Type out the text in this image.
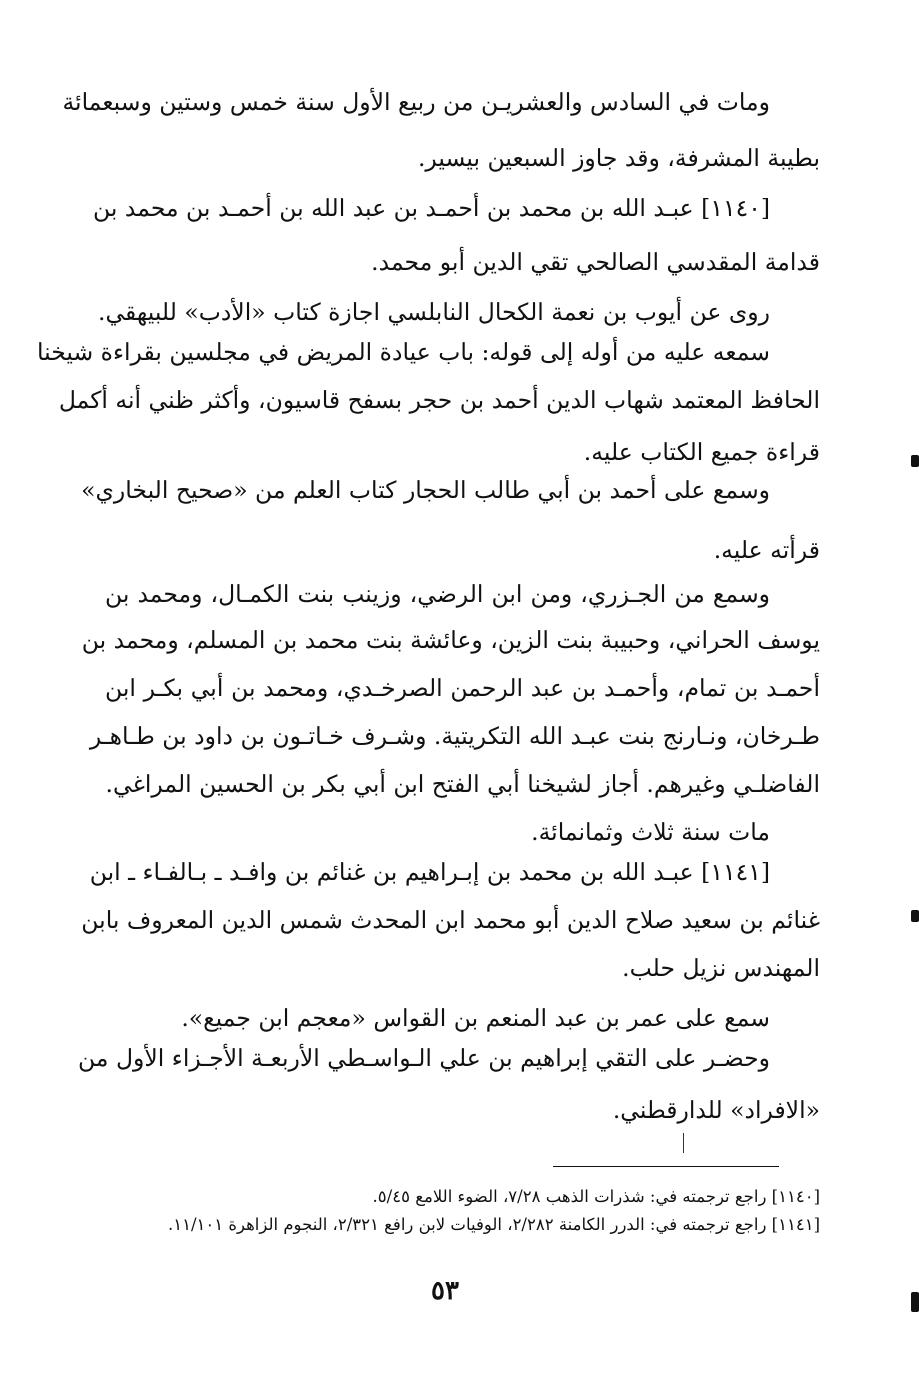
ومات في السادس والعشريـن من ربيع الأول سنة خمس وستين وسبعمائة
بطيبة المشرفة، وقد جاوز السبعين بيسير.
[١١٤٠] عبـد الله بن محمد بن أحمـد بن عبد الله بن أحمـد بن محمد بن
قدامة المقدسي الصالحي تقي الدين أبو محمد.
روى عن أيوب بن نعمة الكحال النابلسي اجازة كتاب «الأدب» للبيهقي.
سمعه عليه من أوله إلى قوله: باب عيادة المريض في مجلسين بقراءة شيخنا
الحافظ المعتمد شهاب الدين أحمد بن حجر بسفح قاسيون، وأكثر ظني أنه أكمل
قراءة جميع الكتاب عليه.
وسمع على أحمد بن أبي طالب الحجار كتاب العلم من «صحيح البخاري»
قرأته عليه.
وسمع من الجـزري، ومن ابن الرضي، وزينب بنت الكمـال، ومحمد بن
يوسف الحراني، وحبيبة بنت الزين، وعائشة بنت محمد بن المسلم، ومحمد بن
أحمـد بن تمام، وأحمـد بن عبد الرحمن الصرخـدي، ومحمد بن أبي بكـر ابن
طـرخان، ونـارنج بنت عبـد الله التكريتية. وشـرف خـاتـون بن داود بن طـاهـر
الفاضلـي وغيرهم. أجاز لشيخنا أبي الفتح ابن أبي بكر بن الحسين المراغي.
مات سنة ثلاث وثمانمائة.
[١١٤١] عبـد الله بن محمد بن إبـراهيم بن غنائم بن وافـد ـ بـالفـاء ـ ابن
غنائم بن سعيد صلاح الدين أبو محمد ابن المحدث شمس الدين المعروف بابن
المهندس نزيل حلب.
سمع على عمر بن عبد المنعم بن القواس «معجم ابن جميع».
وحضـر على التقي إبراهيم بن علي الـواسـطي الأربعـة الأجـزاء الأول من
«الافراد» للدارقطني.
[١١٤٠] راجع ترجمته في: شذرات الذهب ٧/٢٨، الضوء اللامع ٥/٤٥.
[١١٤١] راجع ترجمته في: الدرر الكامنة ٢/٢٨٢، الوفيات لابن رافع ٢/٣٢١، النجوم الزاهرة ١١/١٠١.
٥٣
